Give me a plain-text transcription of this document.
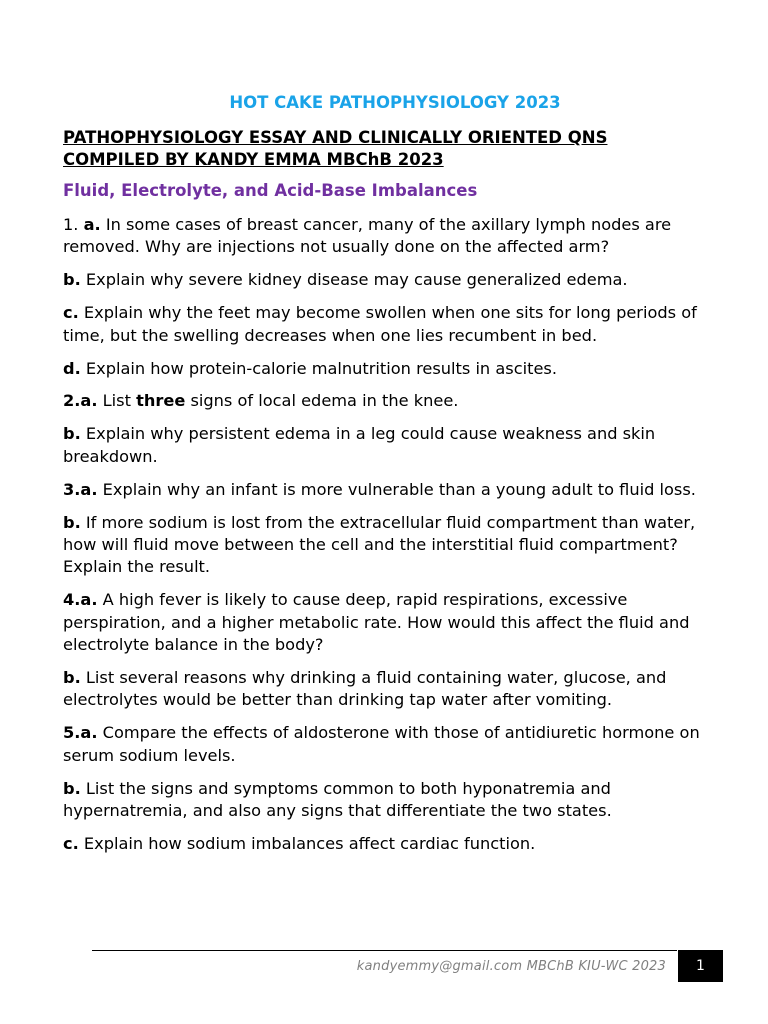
HOT CAKE PATHOPHYSIOLOGY 2023
PATHOPHYSIOLOGY ESSAY AND CLINICALLY ORIENTED QNS
COMPILED BY KANDY EMMA MBChB 2023
Fluid, Electrolyte, and Acid-Base Imbalances

1. a. In some cases of breast cancer, many of the axillary lymph nodes are removed. Why are injections not usually done on the affected arm?

b. Explain why severe kidney disease may cause generalized edema.

c. Explain why the feet may become swollen when one sits for long periods of time, but the swelling decreases when one lies recumbent in bed.

d. Explain how protein-calorie malnutrition results in ascites.

2.a. List three signs of local edema in the knee.

b. Explain why persistent edema in a leg could cause weakness and skin breakdown.

3.a. Explain why an infant is more vulnerable than a young adult to fluid loss.

b. If more sodium is lost from the extracellular fluid compartment than water, how will fluid move between the cell and the interstitial fluid compartment? Explain the result.

4.a. A high fever is likely to cause deep, rapid respirations, excessive perspiration, and a higher metabolic rate. How would this affect the fluid and electrolyte balance in the body?

b. List several reasons why drinking a fluid containing water, glucose, and electrolytes would be better than drinking tap water after vomiting.

5.a. Compare the effects of aldosterone with those of antidiuretic hormone on serum sodium levels.

b. List the signs and symptoms common to both hyponatremia and hypernatremia, and also any signs that differentiate the two states.

c. Explain how sodium imbalances affect cardiac function.

kandyemmy@gmail.com MBChB KIU-WC 2023	1
